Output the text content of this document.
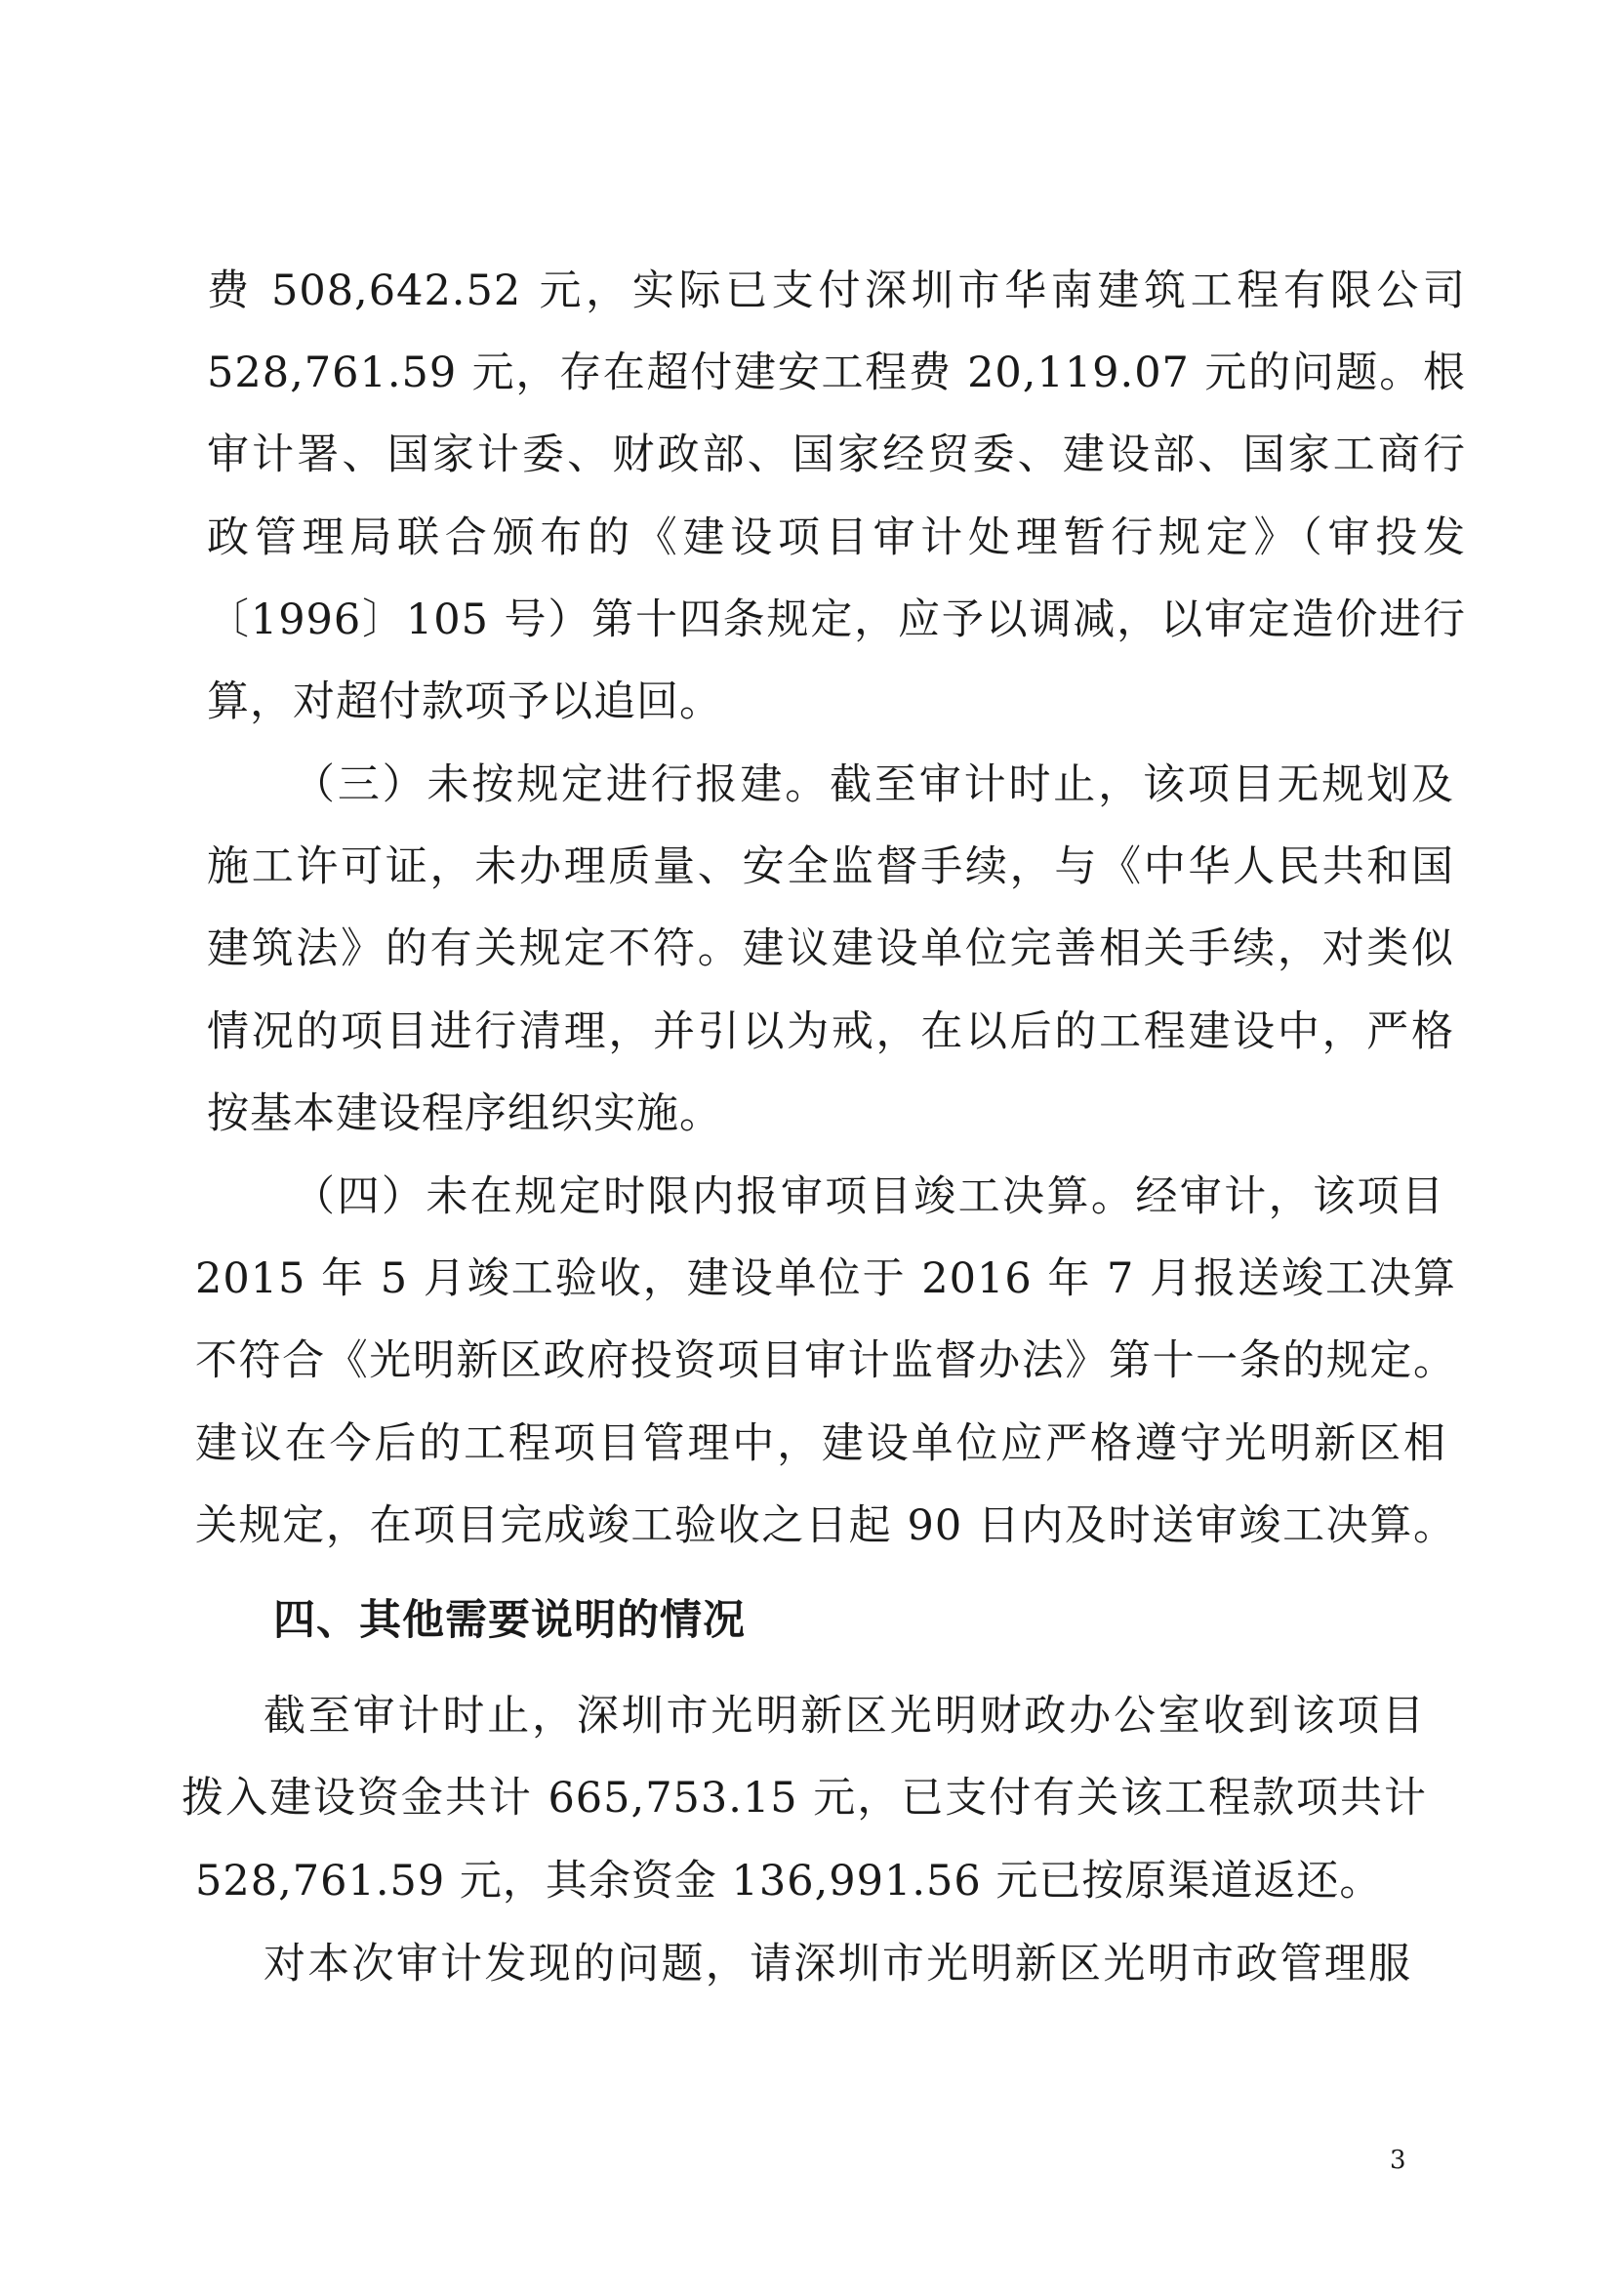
费 508,642.52 元，实际已支付深圳市华南建筑工程有限公司
528,761.59 元，存在超付建安工程费 20,119.07 元的问题。根
审计署、国家计委、财政部、国家经贸委、建设部、国家工商行
政管理局联合颁布的《建设项目审计处理暂行规定》（审投发
〔1996〕105 号）第十四条规定，应予以调减，以审定造价进行
算，对超付款项予以追回。
（三）未按规定进行报建。截至审计时止，该项目无规划及
施工许可证，未办理质量、安全监督手续，与《中华人民共和国
建筑法》的有关规定不符。建议建设单位完善相关手续，对类似
情况的项目进行清理，并引以为戒，在以后的工程建设中，严格
按基本建设程序组织实施。
（四）未在规定时限内报审项目竣工决算。经审计，该项目
2015 年 5 月竣工验收，建设单位于 2016 年 7 月报送竣工决算
不符合《光明新区政府投资项目审计监督办法》第十一条的规定。
建议在今后的工程项目管理中，建设单位应严格遵守光明新区相
关规定，在项目完成竣工验收之日起 90 日内及时送审竣工决算。
四、其他需要说明的情况
截至审计时止，深圳市光明新区光明财政办公室收到该项目
拨入建设资金共计 665,753.15 元，已支付有关该工程款项共计
528,761.59 元，其余资金 136,991.56 元已按原渠道返还。
对本次审计发现的问题，请深圳市光明新区光明市政管理服
3
